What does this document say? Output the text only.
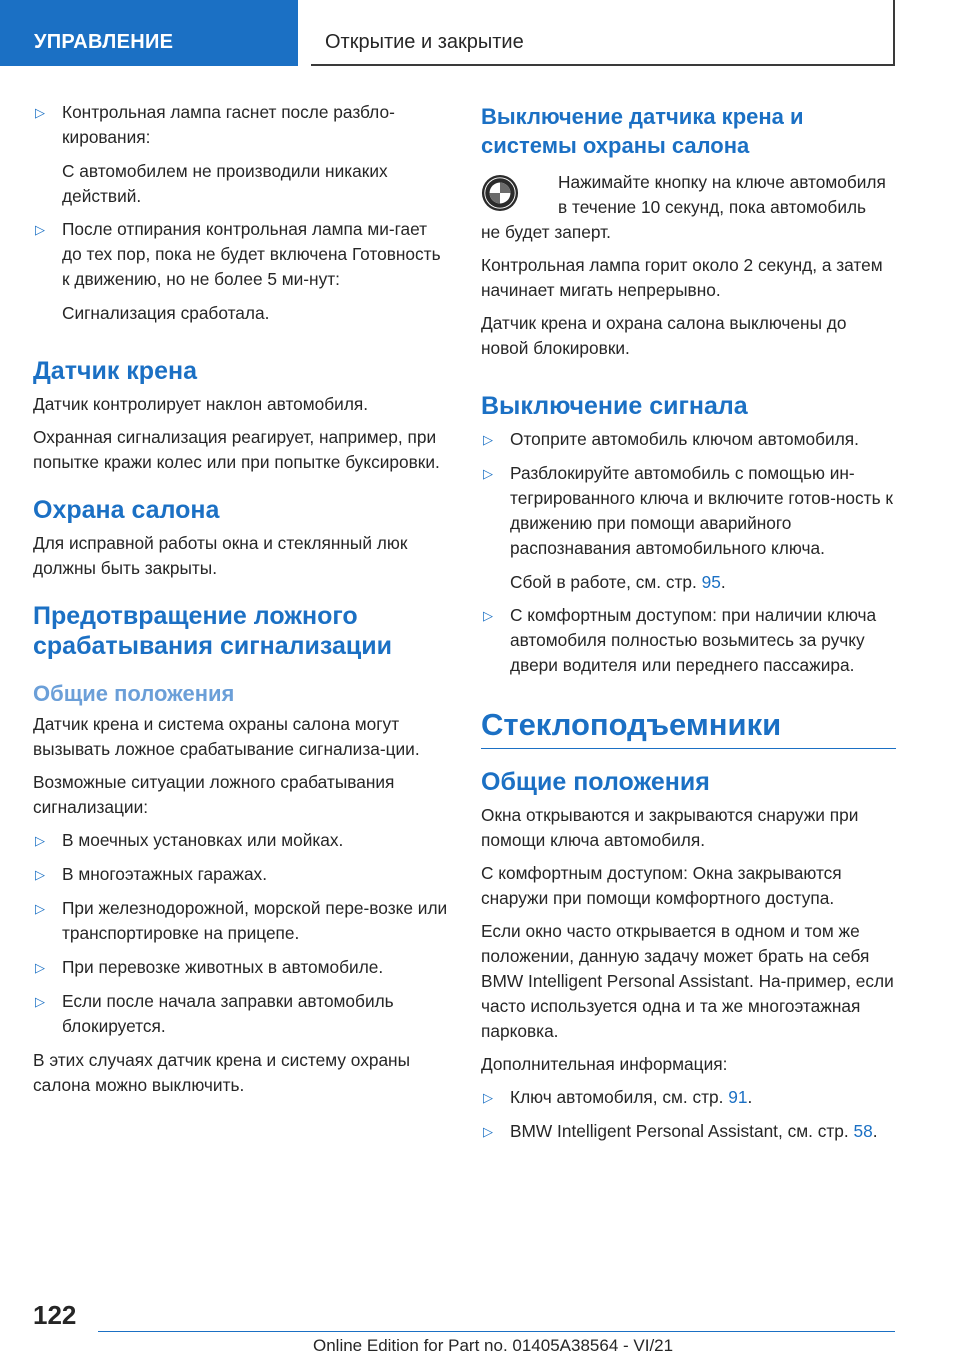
УПРАВЛЕНИЕ	Открытие и закрытие
▷ Контрольная лампа гаснет после разбло-кирования:

С автомобилем не производили никаких действий.

▷ После отпирания контрольная лампа ми-гает до тех пор, пока не будет включена Готовность к движению, но не более 5 ми-нут:

Сигнализация сработала.

Датчик крена

Датчик контролирует наклон автомобиля.

Охранная сигнализация реагирует, например, при попытке кражи колес или при попытке буксировки.

Охрана салона

Для исправной работы окна и стеклянный люк должны быть закрыты.

Предотвращение ложного срабатывания сигнализации
Общие положения

Датчик крена и система охраны салона могут вызывать ложное срабатывание сигнализа-ции.

Возможные ситуации ложного срабатывания сигнализации:

▷ В моечных установках или мойках.
▷ В многоэтажных гаражах.
▷ При железнодорожной, морской пере-возке или транспортировке на прицепе.
▷ При перевозке животных в автомобиле.
▷ Если после начала заправки автомобиль блокируется.

В этих случаях датчик крена и систему охраны салона можно выключить.

Выключение датчика крена и системы охраны салона
Нажимайте кнопку на ключе автомобиля в течение 10 секунд, пока автомобиль
не будет заперт.

Контрольная лампа горит около 2 секунд, а затем начинает мигать непрерывно.

Датчик крена и охрана салона выключены до новой блокировки.

Выключение сигнала
▷ Отоприте автомобиль ключом автомобиля.
▷ Разблокируйте автомобиль с помощью ин-тегрированного ключа и включите готов-ность к движению при помощи аварийного распознавания автомобильного ключа.

Сбой в работе, см. стр. 95.

▷ С комфортным доступом: при наличии ключа автомобиля полностью возьмитесь за ручку двери водителя или переднего пассажира.
Стеклоподъемники
Общие положения

Окна открываются и закрываются снаружи при помощи ключа автомобиля.

С комфортным доступом: Окна закрываются снаружи при помощи комфортного доступа.

Если окно часто открывается в одном и том же положении, данную задачу может брать на себя BMW Intelligent Personal Assistant. На-пример, если часто используется одна и та же многоэтажная парковка.

Дополнительная информация:

▷ Ключ автомобиля, см. стр. 91.
▷ BMW Intelligent Personal Assistant, см. стр. 58.
122
Online Edition for Part no. 01405A38564 - VI/21
